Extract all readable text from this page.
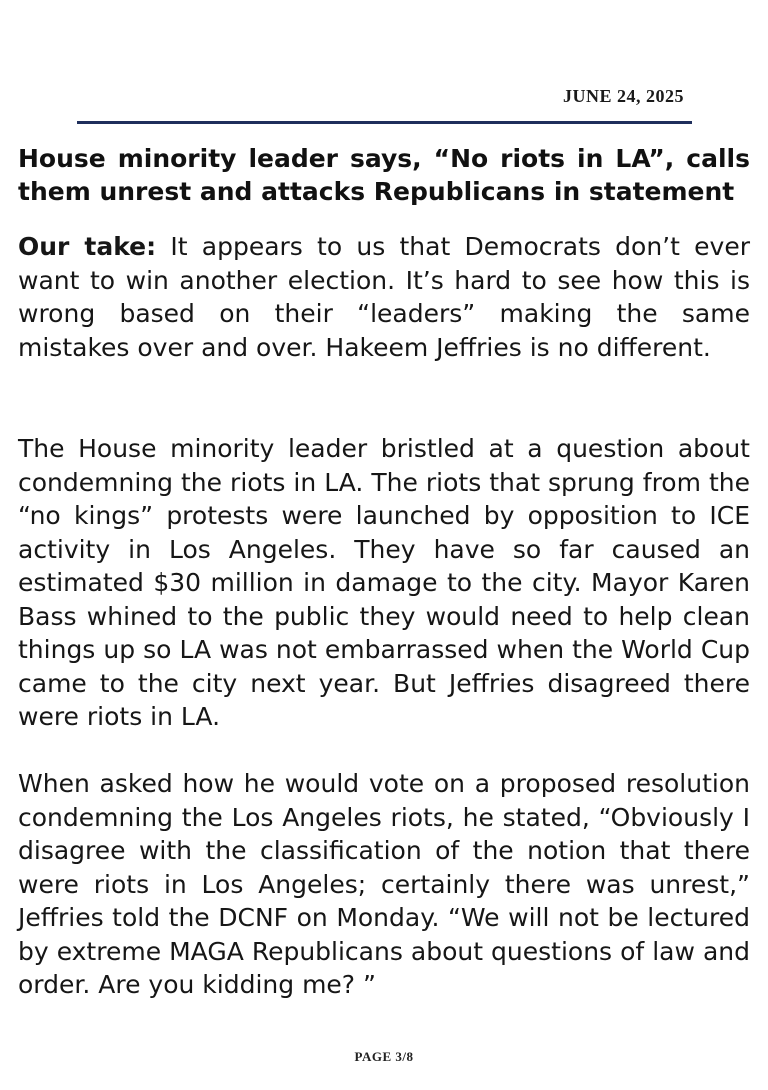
JUNE 24, 2025
House minority leader says, “No riots in LA”, calls them unrest and attacks Republicans in statement

Our take: It appears to us that Democrats don’t ever want to win another election. It’s hard to see how this is wrong based on their “leaders” making the same mistakes over and over. Hakeem Jeffries is no different.

The House minority leader bristled at a question about condemning the riots in LA. The riots that sprung from the “no kings” protests were launched by opposition to ICE activity in Los Angeles. They have so far caused an estimated $30 million in damage to the city. Mayor Karen Bass whined to the public they would need to help clean things up so LA was not embarrassed when the World Cup came to the city next year. But Jeffries disagreed there were riots in LA.

When asked how he would vote on a proposed resolution condemning the Los Angeles riots, he stated, “Obviously I disagree with the classification of the notion that there were riots in Los Angeles; certainly there was unrest,” Jeffries told the DCNF on Monday. “We will not be lectured by extreme MAGA Republicans about questions of law and order. Are you kidding me? ”

PAGE 3/8
